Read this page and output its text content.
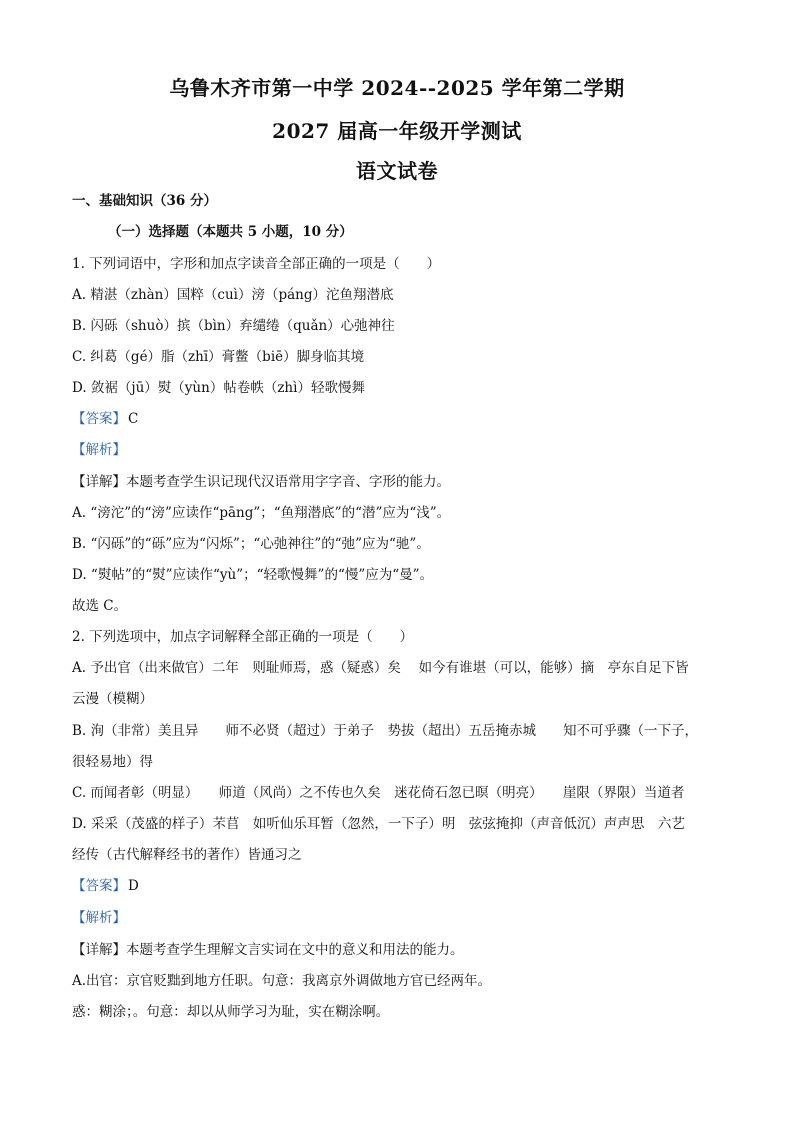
乌鲁木齐市第一中学 2024--2025 学年第二学期
2027 届高一年级开学测试
语文试卷
一、基础知识（36 分）
（一）选择题（本题共 5 小题，10 分）
1. 下列词语中，字形和加点字读音全部正确的一项是（　　）
A. 精湛（zhàn）国粹（cuì）滂（páng）沱鱼翔潜底
B. 闪砾（shuò）摈（bìn）弃缱绻（quǎn）心弛神往
C. 纠葛（gé）脂（zhī）膏鳖（biē）脚身临其境
D. 敛裾（jū）熨（yùn）帖卷帙（zhì）轻歌慢舞
【答案】 C
【解析】
【详解】本题考查学生识记现代汉语常用字字音、字形的能力。
A. “滂沱”的“滂”应读作“pāng”；“鱼翔潜底”的“潜”应为“浅”。
B. “闪砾”的“砾”应为“闪烁”；“心弛神往”的“弛”应为“驰”。
D. “熨帖”的“熨”应读作“yù”；“轻歌慢舞”的“慢”应为“曼”。
故选 C。
2. 下列选项中，加点字词解释全部正确的一项是（　　）
A. 予出官（出来做官）二年　则耻师焉，惑（疑惑）矣　 如今有谁堪（可以，能够）摘　亭东自足下皆
云漫（模糊）
B. 洵（非常）美且异　　师不必贤（超过）于弟子　势拔（超出）五岳掩赤城　　知不可乎骤（一下子，
很轻易地）得
C. 而闻者彰（明显）　　师道（风尚）之不传也久矣　迷花倚石忽已暝（明亮）　　崖限（界限）当道者
D. 采采（茂盛的样子）芣苢　如听仙乐耳暂（忽然，一下子）明　弦弦掩抑（声音低沉）声声思　六艺
经传（古代解释经书的著作）皆通习之
【答案】 D
【解析】
【详解】本题考查学生理解文言实词在文中的意义和用法的能力。
A.出官：京官贬黜到地方任职。句意：我离京外调做地方官已经两年。
惑：糊涂；。句意：却以从师学习为耻，实在糊涂啊。
